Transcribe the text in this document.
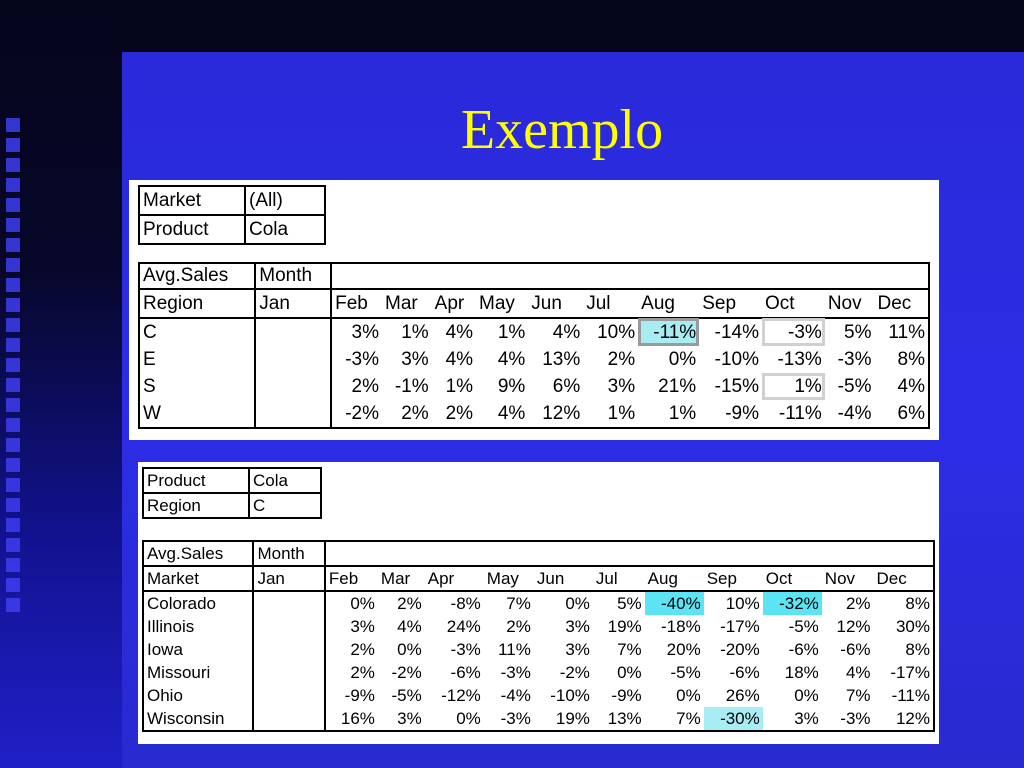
Exemplo
Market	(All)
Product	Cola
Avg.Sales	Month											
Region	Jan	Feb	Mar	Apr	May	Jun	Jul	Aug	Sep	Oct	Nov	Dec
C		3%	1%	4%	1%	4%	10%	-11%	-14%	-3%	5%	11%
E		-3%	3%	4%	4%	13%	2%	0%	-10%	-13%	-3%	8%
S		2%	-1%	1%	9%	6%	3%	21%	-15%	1%	-5%	4%
W		-2%	2%	2%	4%	12%	1%	1%	-9%	-11%	-4%	6%
Product	Cola
Region	C
Avg.Sales	Month											
Market	Jan	Feb	Mar	Apr	May	Jun	Jul	Aug	Sep	Oct	Nov	Dec
Colorado		0%	2%	-8%	7%	0%	5%	-40%	10%	-32%	2%	8%
Illinois		3%	4%	24%	2%	3%	19%	-18%	-17%	-5%	12%	30%
Iowa		2%	0%	-3%	11%	3%	7%	20%	-20%	-6%	-6%	8%
Missouri		2%	-2%	-6%	-3%	-2%	0%	-5%	-6%	18%	4%	-17%
Ohio		-9%	-5%	-12%	-4%	-10%	-9%	0%	26%	0%	7%	-11%
Wisconsin		16%	3%	0%	-3%	19%	13%	7%	-30%	3%	-3%	12%
